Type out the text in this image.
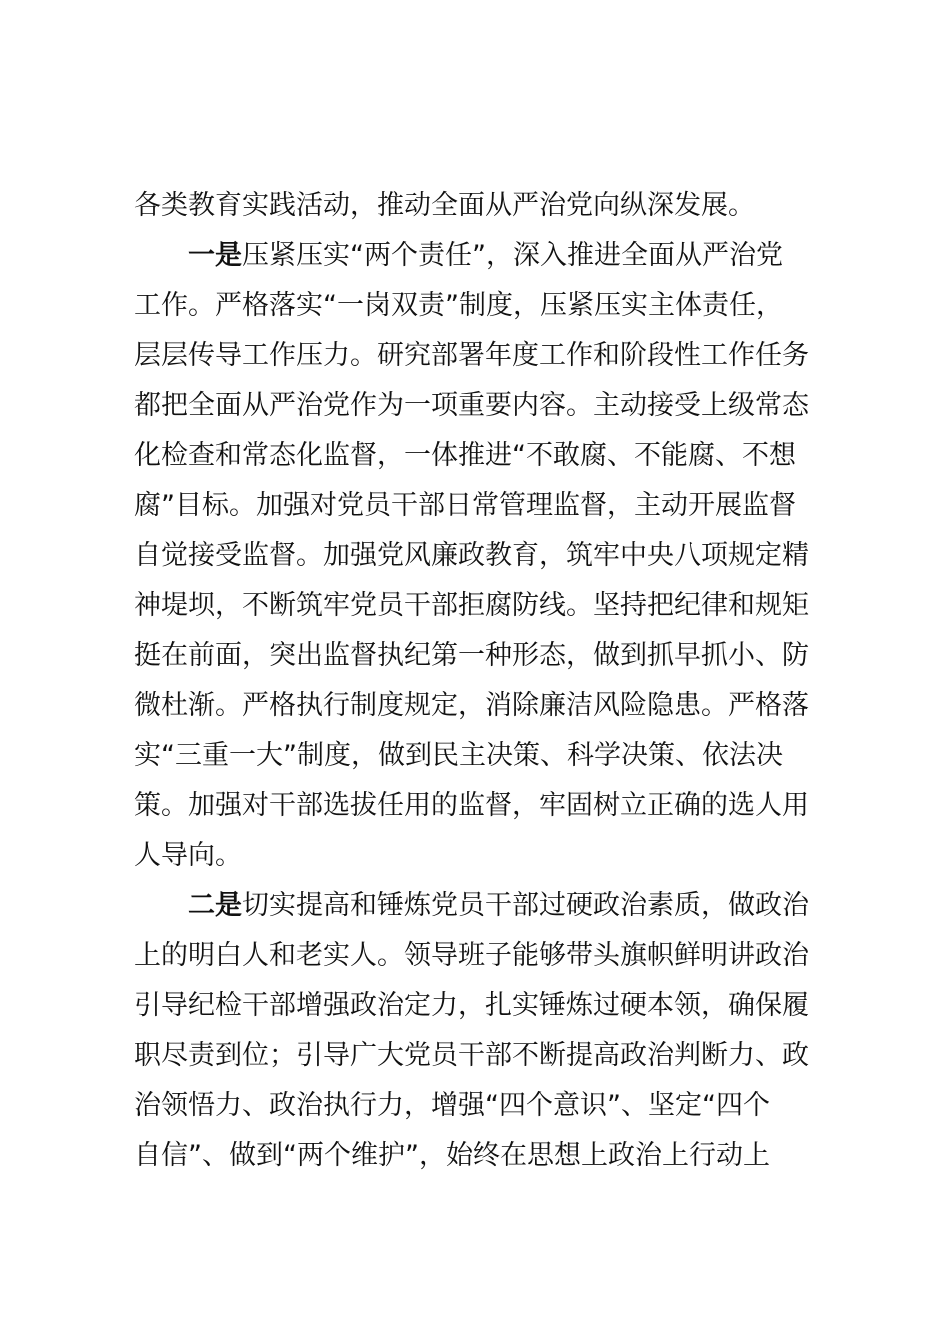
各类教育实践活动，推动全面从严治党向纵深发展。
一是压紧压实“两个责任”，深入推进全面从严治党
工作。严格落实“一岗双责”制度，压紧压实主体责任，
层层传导工作压力。研究部署年度工作和阶段性工作任务
都把全面从严治党作为一项重要内容。主动接受上级常态
化检查和常态化监督，一体推进“不敢腐、不能腐、不想
腐”目标。加强对党员干部日常管理监督，主动开展监督
自觉接受监督。加强党风廉政教育，筑牢中央八项规定精
神堤坝，不断筑牢党员干部拒腐防线。坚持把纪律和规矩
挺在前面，突出监督执纪第一种形态，做到抓早抓小、防
微杜渐。严格执行制度规定，消除廉洁风险隐患。严格落
实“三重一大”制度，做到民主决策、科学决策、依法决
策。加强对干部选拔任用的监督，牢固树立正确的选人用
人导向。
二是切实提高和锤炼党员干部过硬政治素质，做政治
上的明白人和老实人。领导班子能够带头旗帜鲜明讲政治
引导纪检干部增强政治定力，扎实锤炼过硬本领，确保履
职尽责到位；引导广大党员干部不断提高政治判断力、政
治领悟力、政治执行力，增强“四个意识”、坚定“四个
自信”、做到“两个维护”，始终在思想上政治上行动上
